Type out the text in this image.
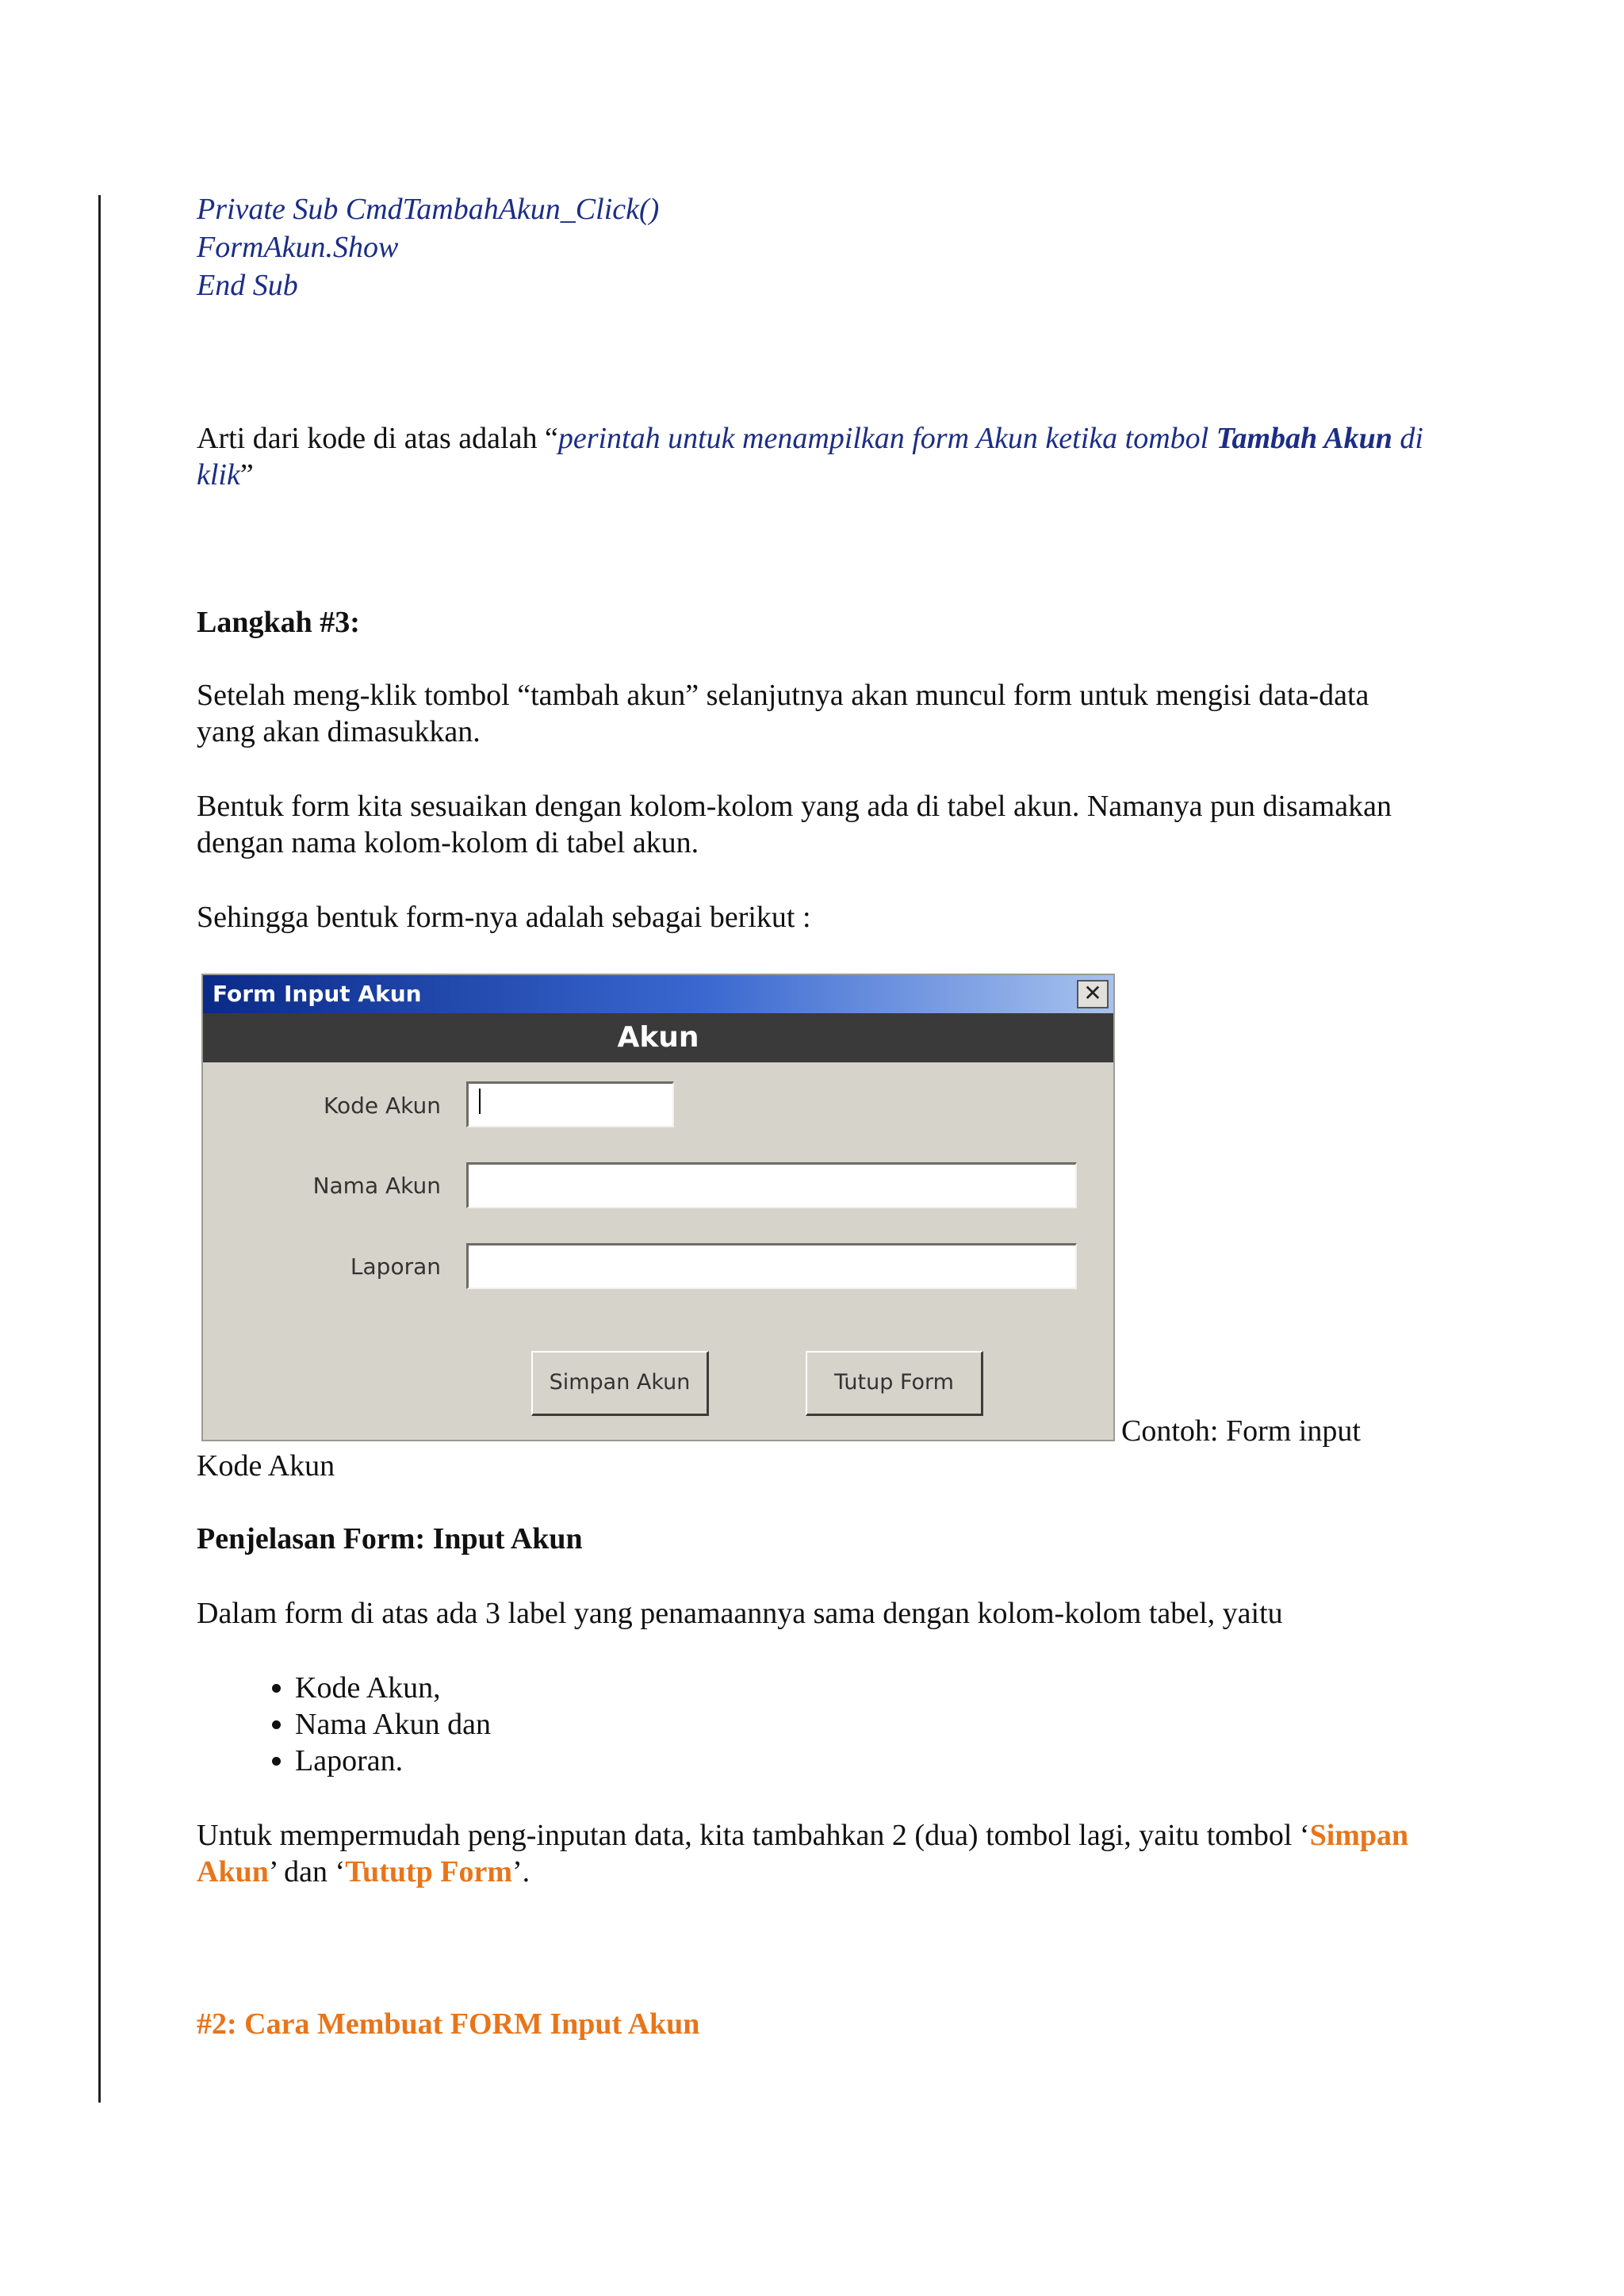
Private Sub CmdTambahAkun_Click()
FormAkun.Show
End Sub

Arti dari kode di atas adalah “perintah untuk menampilkan form Akun ketika tombol Tambah Akun di klik”

Langkah #3:

Setelah meng-klik tombol “tambah akun” selanjutnya akan muncul form untuk mengisi data-data yang akan dimasukkan.

Bentuk form kita sesuaikan dengan kolom-kolom yang ada di tabel akun. Namanya pun disamakan dengan nama kolom-kolom di tabel akun.

Sehingga bentuk form-nya adalah sebagai berikut :

Form Input Akun	✕
Akun
Kode Akun
Nama Akun
Laporan
Simpan Akun	Tutup Form
Contoh: Form input

Kode Akun

Penjelasan Form: Input Akun

Dalam form di atas ada 3 label yang penamaannya sama dengan kolom-kolom tabel, yaitu

• Kode Akun,
• Nama Akun dan
• Laporan.

Untuk mempermudah peng-inputan data, kita tambahkan 2 (dua) tombol lagi, yaitu tombol ‘Simpan Akun’ dan ‘Tututp Form’.

#2: Cara Membuat FORM Input Akun
